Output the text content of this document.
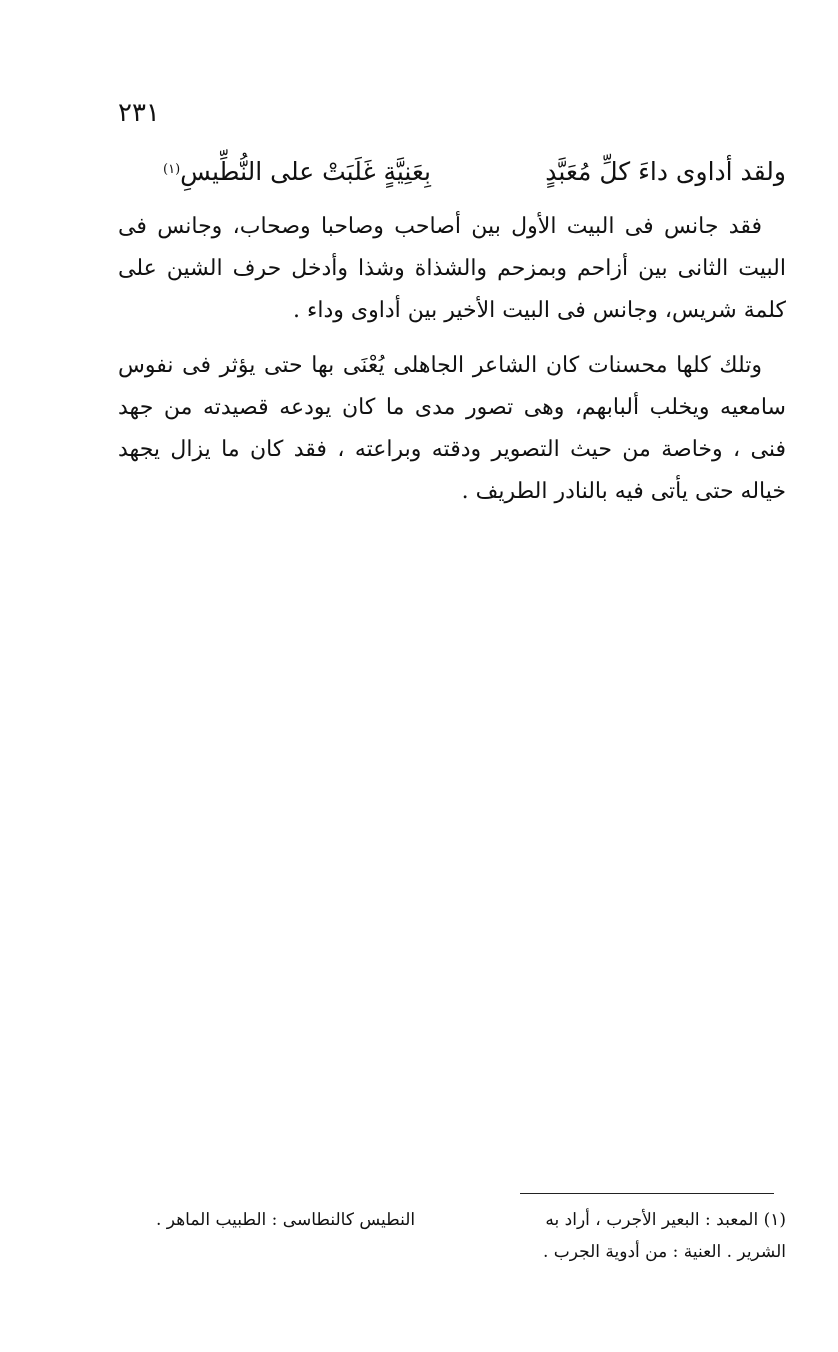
٢٣١
ولقد أداوى داءَ كلِّ مُعَبَّدٍ
بِعَنِيَّةٍ غَلَبَتْ على النُّطِّيسِ$^{(١)}$

فقد جانس فى البيت الأول بين أصاحب وصاحبا وصحاب، وجانس فى البيت الثانى بين أزاحم وبمزحم والشذاة وشذا وأدخل حرف الشين على كلمة شريس، وجانس فى البيت الأخير بين أداوى وداء .

وتلك كلها محسنات كان الشاعر الجاهلى يُعْنَى بها حتى يؤثر فى نفوس سامعيه ويخلب ألبابهم، وهى تصور مدى ما كان يودعه قصيدته من جهد فنى ، وخاصة من حيث التصوير ودقته وبراعته ، فقد كان ما يزال يجهد خياله حتى يأتى فيه بالنادر الطريف .

(١) المعبد : البعير الأجرب ، أراد به
النطيس كالنطاسى : الطبيب الماهر .
الشرير . العنية : من أدوية الجرب .
